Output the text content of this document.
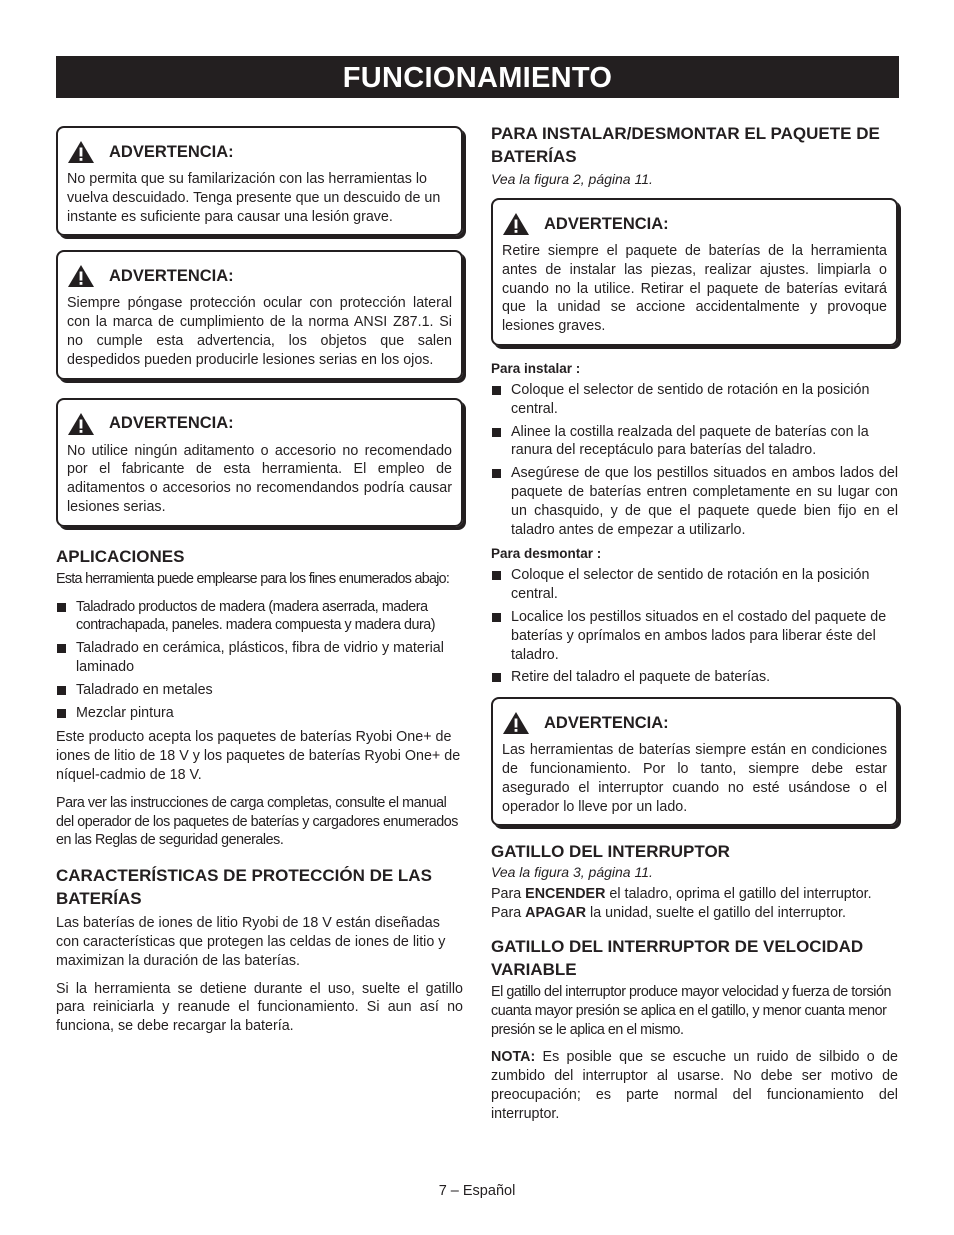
FUNCIONAMIENTO
ADVERTENCIA:

No permita que su familarización con las herramientas lo vuelva descuidado. Tenga presente que un descuido de un instante es suficiente para causar una lesión grave.

ADVERTENCIA:

Siempre póngase protección ocular con protección lateral con la marca de cumplimiento de la norma ANSI Z87.1. Si no cumple esta advertencia, los objetos que salen despedidos pueden producirle lesiones serias en los ojos.

ADVERTENCIA:

No utilice ningún aditamento o accesorio no recomendado por el fabricante de esta herramienta. El empleo de aditamentos o accesorios no recomendandos podría causar lesiones serias.

APLICACIONES

Esta herramienta puede emplearse para los fines enumerados abajo:

Taladrado productos de madera (madera aserrada, madera contrachapada, paneles. madera compuesta y madera dura)
Taladrado en cerámica, plásticos, fibra de vidrio y material laminado
Taladrado en metales
Mezclar pintura

Este producto acepta los paquetes de baterías Ryobi One+ de iones de litio de 18 V y los paquetes de baterías Ryobi One+ de níquel-cadmio de 18 V.

Para ver las instrucciones de carga completas, consulte el manual del operador de los paquetes de baterías y cargadores enumerados en las Reglas de seguridad generales.

CARACTERÍSTICAS DE PROTECCIÓN DE LAS BATERÍAS

Las baterías de iones de litio Ryobi de 18 V están diseñadas con características que protegen las celdas de iones de litio y maximizan la duración de las baterías.

Si la herramienta se detiene durante el uso, suelte el gatillo para reiniciarla y reanude el funcionamiento. Si aun así no funciona, se debe recargar la batería.

PARA INSTALAR/DESMONTAR EL PAQUETE DE BATERÍAS

Vea la figura 2, página 11.

ADVERTENCIA:

Retire siempre el paquete de baterías de la herramienta antes de instalar las piezas, realizar ajustes. limpiarla o cuando no la utilice. Retirar el paquete de baterías evitará que la unidad se accione accidentalmente y provoque lesiones graves.

Para instalar :

Coloque el selector de sentido de rotación en la posición central.
Alinee la costilla realzada del paquete de baterías con la ranura del receptáculo para baterías del taladro.
Asegúrese de que los pestillos situados en ambos lados del paquete de baterías entren completamente en su lugar con un chasquido, y de que el paquete quede bien fijo en el taladro antes de empezar a utilizarlo.

Para desmontar :

Coloque el selector de sentido de rotación en la posición central.
Localice los pestillos situados en el costado del paquete de baterías y oprímalos en ambos lados para liberar éste del taladro.
Retire del taladro el paquete de baterías.
ADVERTENCIA:

Las herramientas de baterías siempre están en condiciones de funcionamiento. Por lo tanto, siempre debe estar asegurado el interruptor cuando no esté usándose o el operador lo lleve por un lado.

GATILLO DEL INTERRUPTOR

Vea la figura 3, página 11.

Para ENCENDER el taladro, oprima el gatillo del interruptor.
Para APAGAR la unidad, suelte el gatillo del interruptor.

GATILLO DEL INTERRUPTOR DE VELOCIDAD VARIABLE

El gatillo del interruptor produce mayor velocidad y fuerza de torsión cuanta mayor presión se aplica en el gatillo, y menor cuanta menor presión se le aplica en el mismo.

NOTA: Es posible que se escuche un ruido de silbido o de zumbido del interruptor al usarse. No debe ser motivo de preocupación; es parte normal del funcionamiento del interruptor.

7 – Español
